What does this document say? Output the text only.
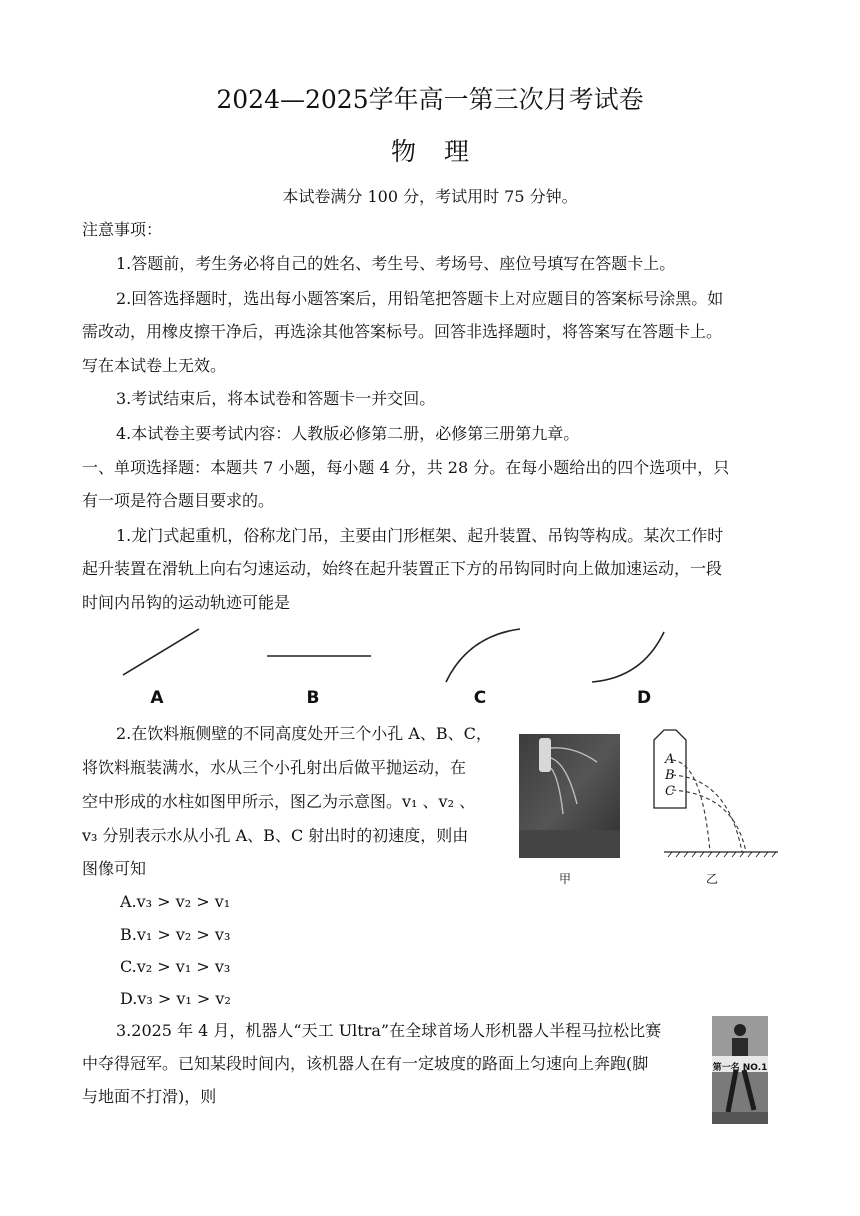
2024—2025学年高一第三次月考试卷
物理
本试卷满分 100 分，考试用时 75 分钟。
注意事项：
1.答题前，考生务必将自己的姓名、考生号、考场号、座位号填写在答题卡上。
2.回答选择题时，选出每小题答案后，用铅笔把答题卡上对应题目的答案标号涂黑。如
需改动，用橡皮擦干净后，再选涂其他答案标号。回答非选择题时，将答案写在答题卡上。
写在本试卷上无效。
3.考试结束后，将本试卷和答题卡一并交回。
4.本试卷主要考试内容：人教版必修第二册，必修第三册第九章。
一、单项选择题：本题共 7 小题，每小题 4 分，共 28 分。在每小题给出的四个选项中，只
有一项是符合题目要求的。
1.龙门式起重机，俗称龙门吊，主要由门形框架、起升装置、吊钩等构成。某次工作时
起升装置在滑轨上向右匀速运动，始终在起升装置正下方的吊钩同时向上做加速运动，一段
时间内吊钩的运动轨迹可能是
A	B	C	D
2.在饮料瓶侧壁的不同高度处开三个小孔 A、B、C，
将饮料瓶装满水，水从三个小孔射出后做平抛运动，在
空中形成的水柱如图甲所示，图乙为示意图。v₁ 、v₂ 、
v₃ 分别表示水从小孔 A、B、C 射出时的初速度，则由
图像可知
A.v₃ > v₂ > v₁
B.v₁ > v₂ > v₃
C.v₂ > v₁ > v₃
D.v₃ > v₁ > v₂
甲
A
B
C
乙
3.2025 年 4 月，机器人“天工 Ultra”在全球首场人形机器人半程马拉松比赛
中夺得冠军。已知某段时间内，该机器人在有一定坡度的路面上匀速向上奔跑(脚
与地面不打滑)，则
第一名 NO.1
